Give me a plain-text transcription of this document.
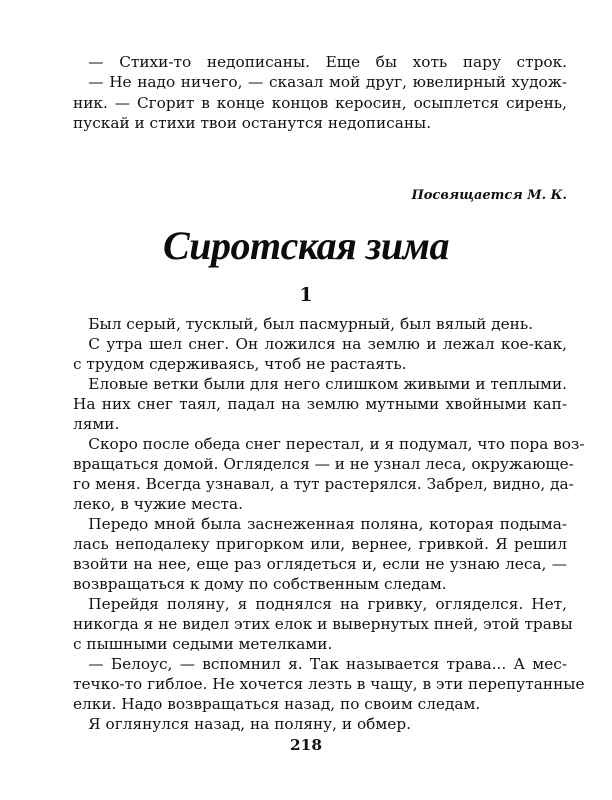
 — Стихи-то недописаны. Еще бы хоть пару строк.
 — Не надо ничего, — сказал мой друг, ювелирный худож-
ник. — Сгорит в конце концов керосин, осыплется сирень,
пускай и стихи твои останутся недописаны.
Посвящается М. К.
Сиротская зима
1
 Был серый, тусклый, был пасмурный, был вялый день.
 С утра шел снег. Он ложился на землю и лежал кое-как,
с трудом сдерживаясь, чтоб не растаять.
 Еловые ветки были для него слишком живыми и теплыми.
На них снег таял, падал на землю мутными хвойными кап-
лями.
 Скоро после обеда снег перестал, и я подумал, что пора воз-
вращаться домой. Огляделся — и не узнал леса, окружающе-
го меня. Всегда узнавал, а тут растерялся. Забрел, видно, да-
леко, в чужие места.
 Передо мной была заснеженная поляна, которая подыма-
лась неподалеку пригорком или, вернее, гривкой. Я решил
взойти на нее, еще раз оглядеться и, если не узнаю леса, —
возвращаться к дому по собственным следам.
 Перейдя поляну, я поднялся на гривку, огляделся. Нет,
никогда я не видел этих елок и вывернутых пней, этой травы
с пышными седыми метелками.
 — Белоус, — вспомнил я. Так называется трава... А мес-
течко-то гиблое. Не хочется лезть в чащу, в эти перепутанные
елки. Надо возвращаться назад, по своим следам.
 Я оглянулся назад, на поляну, и обмер.
218
